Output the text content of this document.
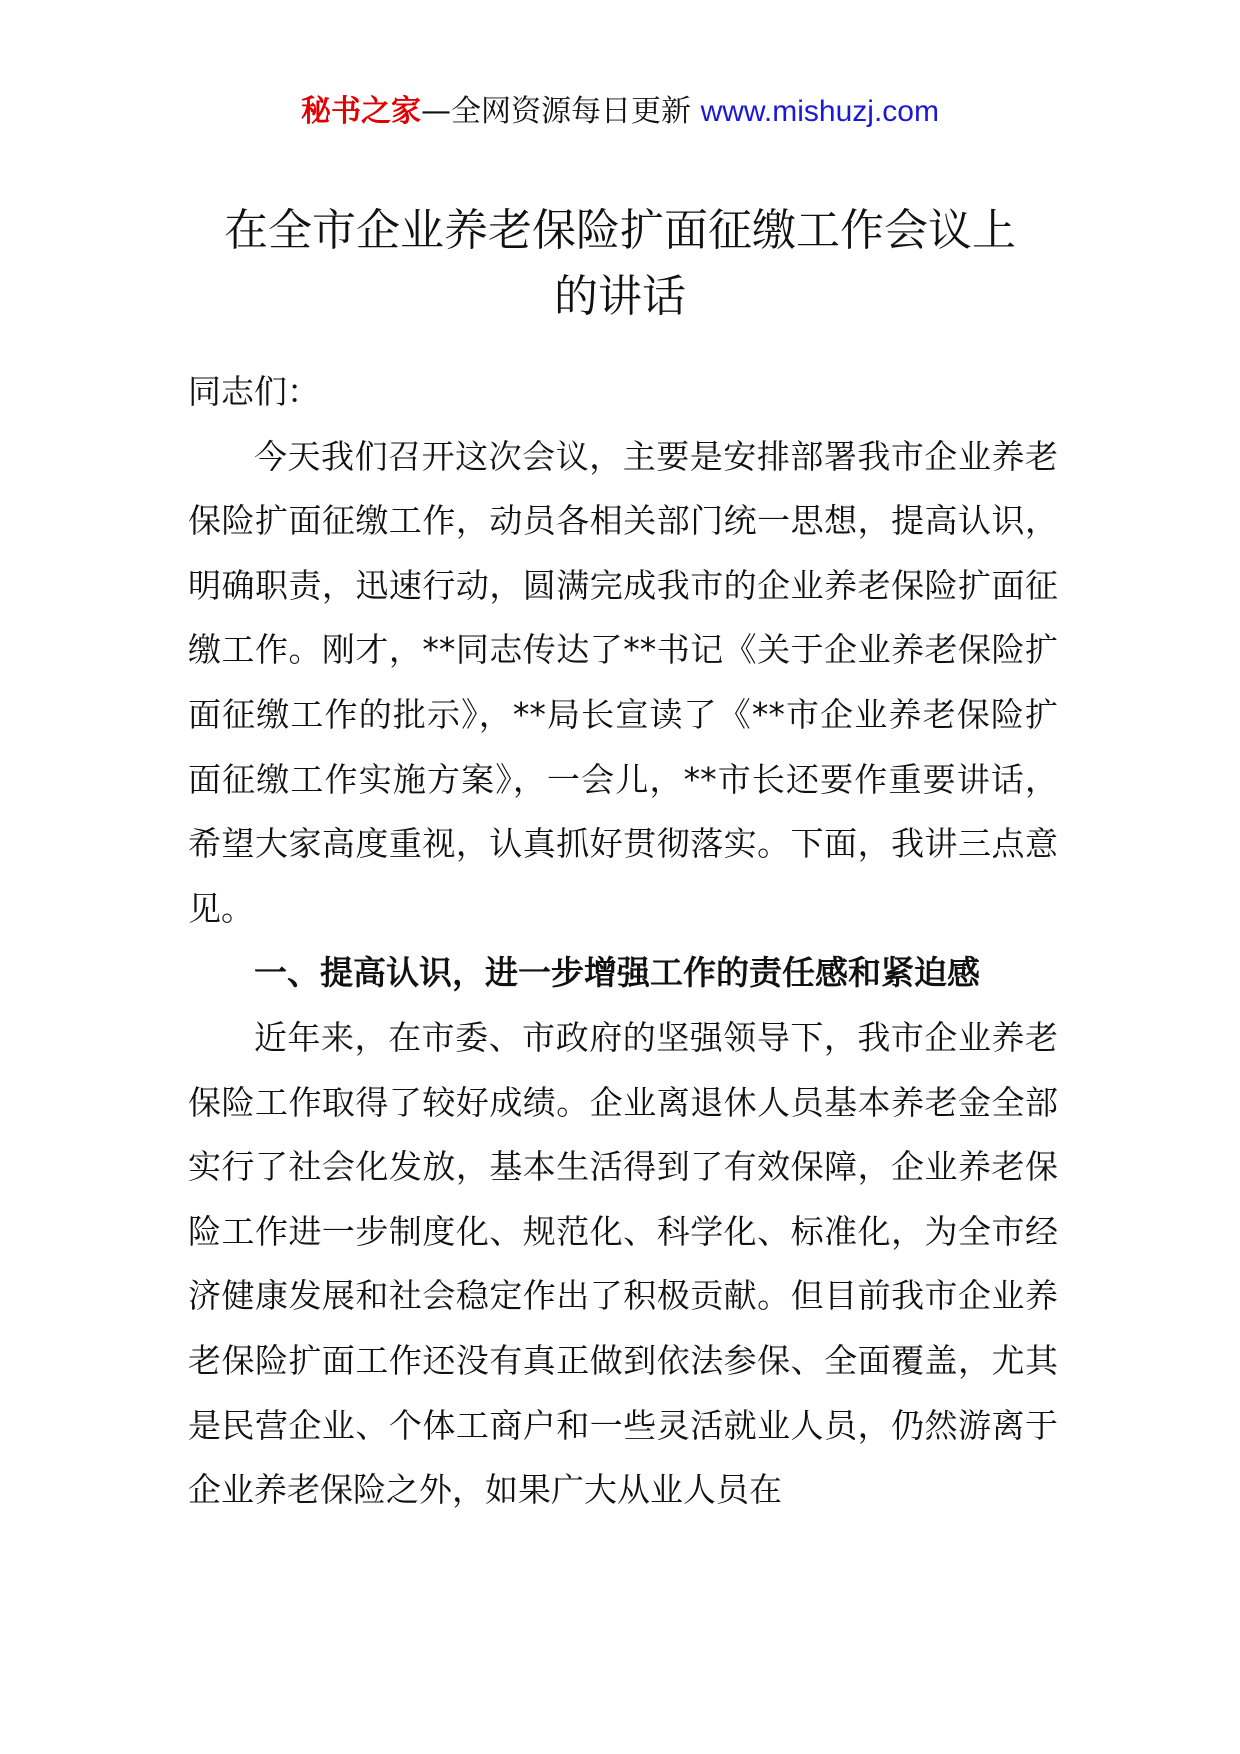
秘书之家—全网资源每日更新 www.mishuzj.com
在全市企业养老保险扩面征缴工作会议上
的讲话

同志们：

今天我们召开这次会议，主要是安排部署我市企业养老保险扩面征缴工作，动员各相关部门统一思想，提高认识，明确职责，迅速行动，圆满完成我市的企业养老保险扩面征缴工作。刚才，**同志传达了**书记《关于企业养老保险扩面征缴工作的批示》，**局长宣读了《**市企业养老保险扩面征缴工作实施方案》，一会儿，**市长还要作重要讲话，希望大家高度重视，认真抓好贯彻落实。下面，我讲三点意见。

一、提高认识，进一步增强工作的责任感和紧迫感

近年来，在市委、市政府的坚强领导下，我市企业养老保险工作取得了较好成绩。企业离退休人员基本养老金全部实行了社会化发放，基本生活得到了有效保障，企业养老保险工作进一步制度化、规范化、科学化、标准化，为全市经济健康发展和社会稳定作出了积极贡献。但目前我市企业养老保险扩面工作还没有真正做到依法参保、全面覆盖，尤其是民营企业、个体工商户和一些灵活就业人员，仍然游离于企业养老保险之外，如果广大从业人员在
